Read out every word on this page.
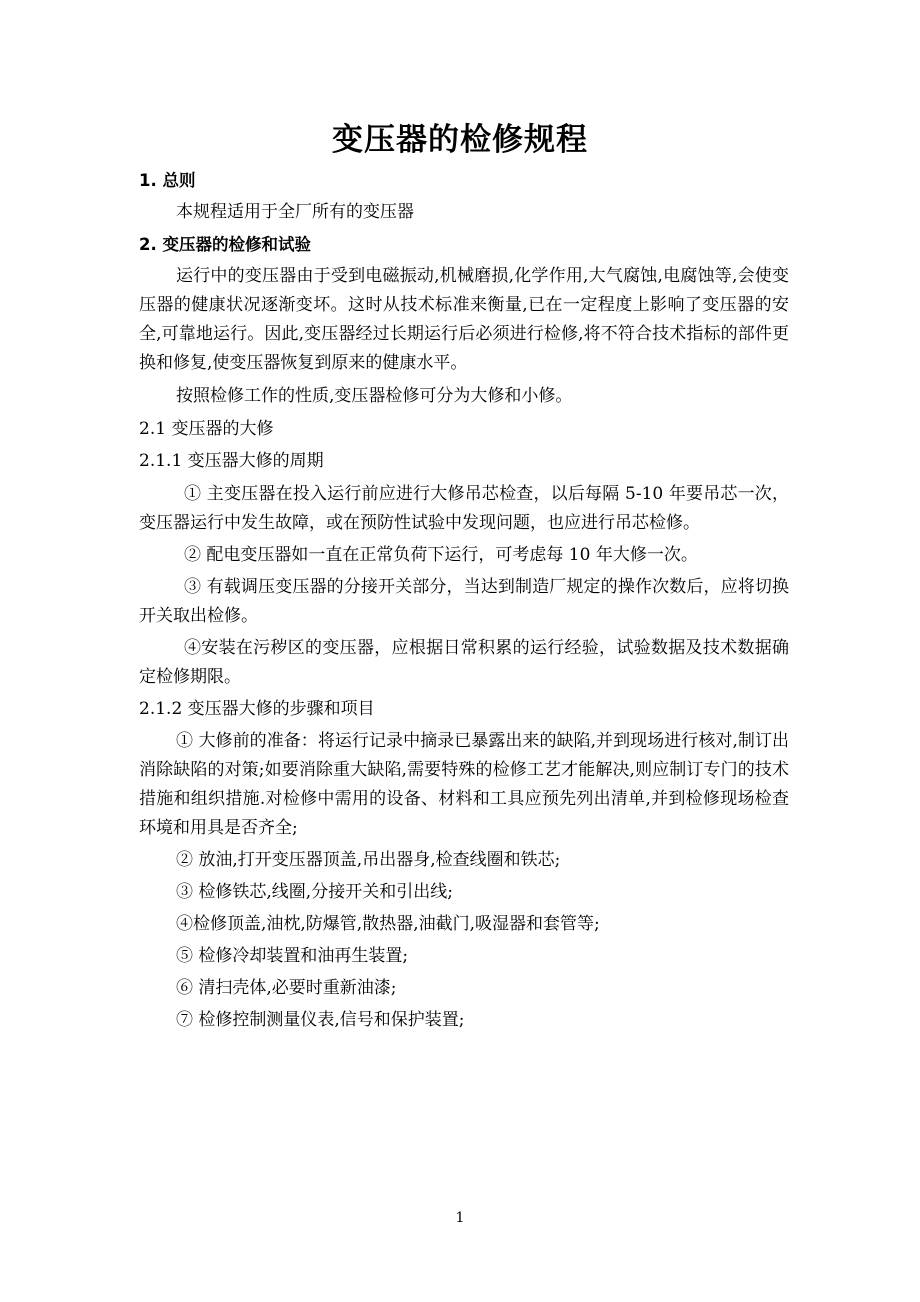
变压器的检修规程

1. 总则

本规程适用于全厂所有的变压器

2. 变压器的检修和试验

运行中的变压器由于受到电磁振动,机械磨损,化学作用,大气腐蚀,电腐蚀等,会使变压器的健康状况逐渐变坏。这时从技术标准来衡量,已在一定程度上影响了变压器的安全,可靠地运行。因此,变压器经过长期运行后必须进行检修,将不符合技术指标的部件更换和修复,使变压器恢复到原来的健康水平。

按照检修工作的性质,变压器检修可分为大修和小修。

2.1 变压器的大修

2.1.1 变压器大修的周期

① 主变压器在投入运行前应进行大修吊芯检查，以后每隔 5-10 年要吊芯一次，变压器运行中发生故障，或在预防性试验中发现问题，也应进行吊芯检修。

② 配电变压器如一直在正常负荷下运行，可考虑每 10 年大修一次。

③ 有载调压变压器的分接开关部分，当达到制造厂规定的操作次数后，应将切换开关取出检修。

④安装在污秽区的变压器，应根据日常积累的运行经验，试验数据及技术数据确定检修期限。

2.1.2 变压器大修的步骤和项目

① 大修前的准备：将运行记录中摘录已暴露出来的缺陷,并到现场进行核对,制订出消除缺陷的对策;如要消除重大缺陷,需要特殊的检修工艺才能解决,则应制订专门的技术措施和组织措施.对检修中需用的设备、材料和工具应预先列出清单,并到检修现场检查环境和用具是否齐全;

② 放油,打开变压器顶盖,吊出器身,检查线圈和铁芯;

③ 检修铁芯,线圈,分接开关和引出线;

④检修顶盖,油枕,防爆管,散热器,油截门,吸湿器和套管等;

⑤ 检修冷却装置和油再生装置;

⑥ 清扫壳体,必要时重新油漆;

⑦ 检修控制测量仪表,信号和保护装置;

1
